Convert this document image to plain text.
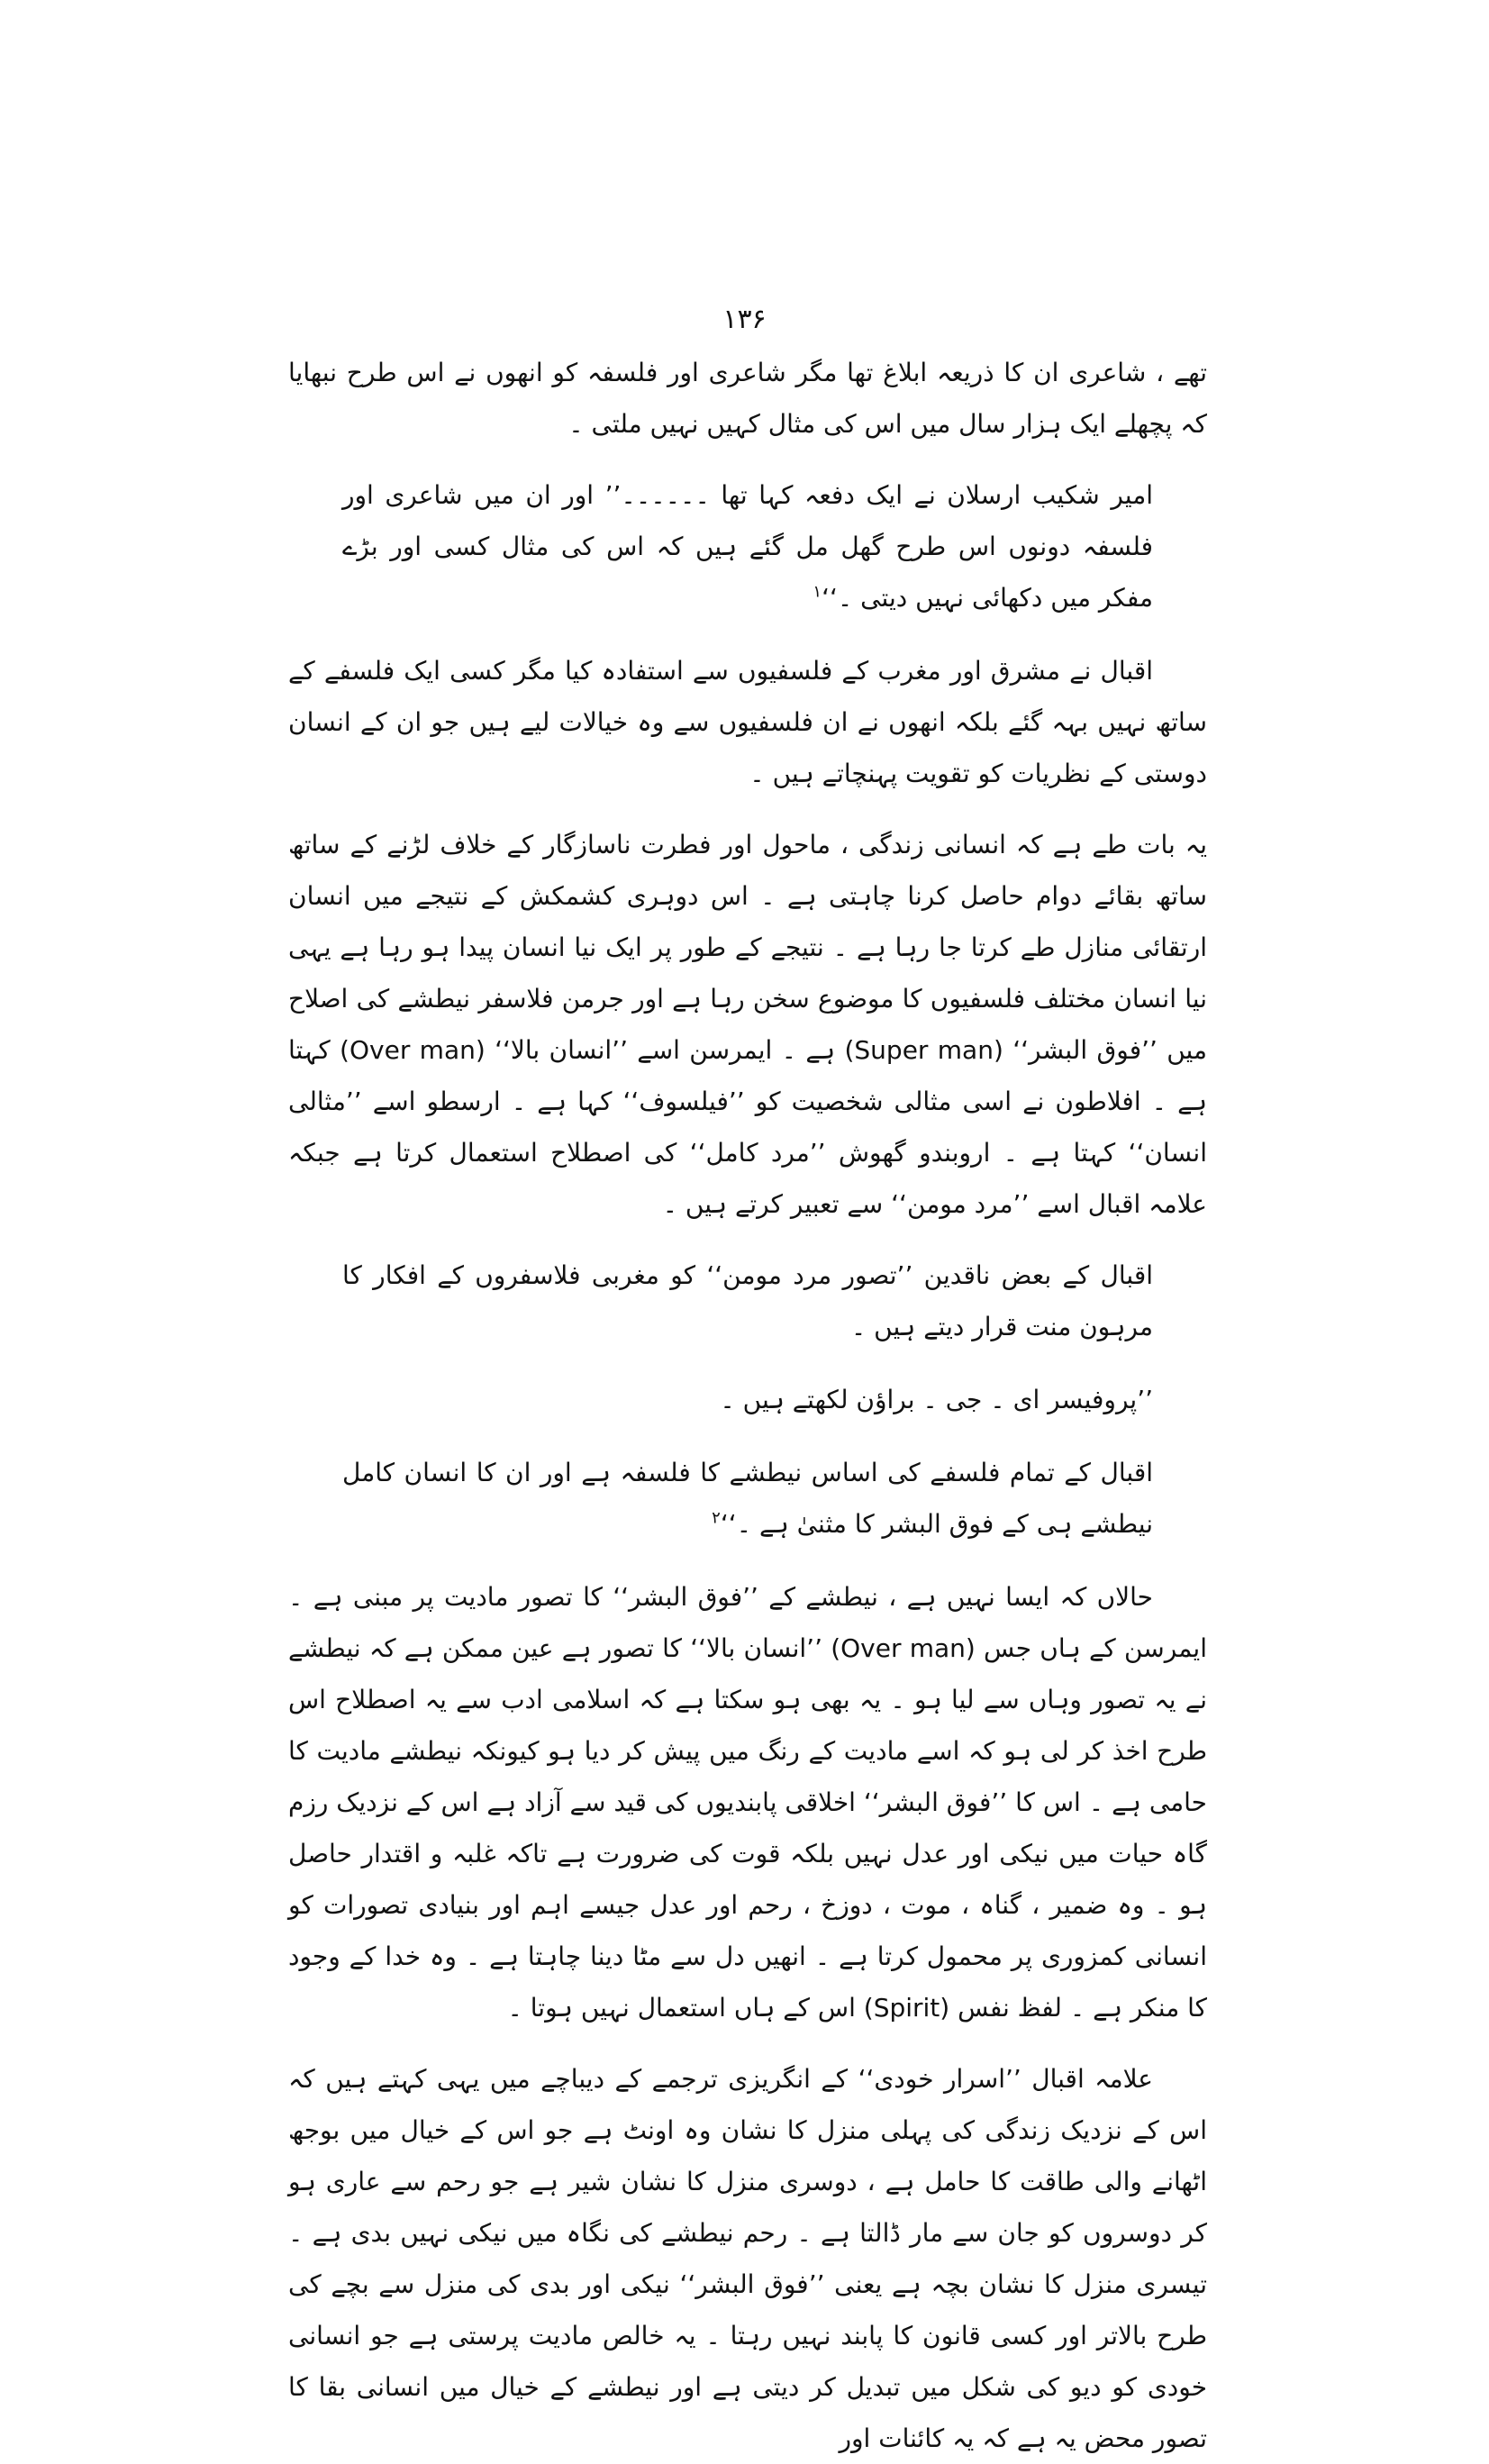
۱۳۶

تھے ، شاعری ان کا ذریعہ ابلاغ تھا مگر شاعری اور فلسفہ کو انھوں نے اس طرح نبھایا کہ پچھلے ایک ہزار سال میں اس کی مثال کہیں نہیں ملتی ۔

امیر شکیب ارسلان نے ایک دفعہ کہا تھا ۔۔۔۔۔۔’’ اور ان میں شاعری اور فلسفہ دونوں اس طرح گھل مل گئے ہیں کہ اس کی مثال کسی اور بڑے مفکر میں دکھائی نہیں دیتی ۔‘‘$^۱$

اقبال نے مشرق اور مغرب کے فلسفیوں سے استفادہ کیا مگر کسی ایک فلسفے کے ساتھ نہیں بہہ گئے بلکہ انھوں نے ان فلسفیوں سے وہ خیالات لیے ہیں جو ان کے انسان دوستی کے نظریات کو تقویت پہنچاتے ہیں ۔

یہ بات طے ہے کہ انسانی زندگی ، ماحول اور فطرت ناسازگار کے خلاف لڑنے کے ساتھ ساتھ بقائے دوام حاصل کرنا چاہتی ہے ۔ اس دوہری کشمکش کے نتیجے میں انسان ارتقائی منازل طے کرتا جا رہا ہے ۔ نتیجے کے طور پر ایک نیا انسان پیدا ہو رہا ہے یہی نیا انسان مختلف فلسفیوں کا موضوع سخن رہا ہے اور جرمن فلاسفر نیطشے کی اصلاح میں ’’فوق البشر‘‘ (Super man) ہے ۔ ایمرسن اسے ’’انسان بالا‘‘ (Over man) کہتا ہے ۔ افلاطون نے اسی مثالی شخصیت کو ’’فیلسوف‘‘ کہا ہے ۔ ارسطو اسے ’’مثالی انسان‘‘ کہتا ہے ۔ اروبندو گھوش ’’مرد کامل‘‘ کی اصطلاح استعمال کرتا ہے جبکہ علامہ اقبال اسے ’’مرد مومن‘‘ سے تعبیر کرتے ہیں ۔

اقبال کے بعض ناقدین ’’تصور مرد مومن‘‘ کو مغربی فلاسفروں کے افکار کا مرہون منت قرار دیتے ہیں ۔

’’پروفیسر ای ۔ جی ۔ براؤن لکھتے ہیں ۔

اقبال کے تمام فلسفے کی اساس نیطشے کا فلسفہ ہے اور ان کا انسان کامل نیطشے ہی کے فوق البشر کا مثنیٰ ہے ۔‘‘$^۲$

حالاں کہ ایسا نہیں ہے ، نیطشے کے ’’فوق البشر‘‘ کا تصور مادیت پر مبنی ہے ۔ ایمرسن کے ہاں جس (Over man) ’’انسان بالا‘‘ کا تصور ہے عین ممکن ہے کہ نیطشے نے یہ تصور وہاں سے لیا ہو ۔ یہ بھی ہو سکتا ہے کہ اسلامی ادب سے یہ اصطلاح اس طرح اخذ کر لی ہو کہ اسے مادیت کے رنگ میں پیش کر دیا ہو کیونکہ نیطشے مادیت کا حامی ہے ۔ اس کا ’’فوق البشر‘‘ اخلاقی پابندیوں کی قید سے آزاد ہے اس کے نزدیک رزم گاہ حیات میں نیکی اور عدل نہیں بلکہ قوت کی ضرورت ہے تاکہ غلبہ و اقتدار حاصل ہو ۔ وہ ضمیر ، گناہ ، موت ، دوزخ ، رحم اور عدل جیسے اہم اور بنیادی تصورات کو انسانی کمزوری پر محمول کرتا ہے ۔ انھیں دل سے مٹا دینا چاہتا ہے ۔ وہ خدا کے وجود کا منکر ہے ۔ لفظ نفس (Spirit) اس کے ہاں استعمال نہیں ہوتا ۔

علامہ اقبال ’’اسرار خودی‘‘ کے انگریزی ترجمے کے دیباچے میں یہی کہتے ہیں کہ اس کے نزدیک زندگی کی پہلی منزل کا نشان وہ اونٹ ہے جو اس کے خیال میں بوجھ اٹھانے والی طاقت کا حامل ہے ، دوسری منزل کا نشان شیر ہے جو رحم سے عاری ہو کر دوسروں کو جان سے مار ڈالتا ہے ۔ رحم نیطشے کی نگاہ میں نیکی نہیں بدی ہے ۔ تیسری منزل کا نشان بچہ ہے یعنی ’’فوق البشر‘‘ نیکی اور بدی کی منزل سے بچے کی طرح بالاتر اور کسی قانون کا پابند نہیں رہتا ۔ یہ خالص مادیت پرستی ہے جو انسانی خودی کو دیو کی شکل میں تبدیل کر دیتی ہے اور نیطشے کے خیال میں انسانی بقا کا تصور محض یہ ہے کہ یہ کائنات اور
